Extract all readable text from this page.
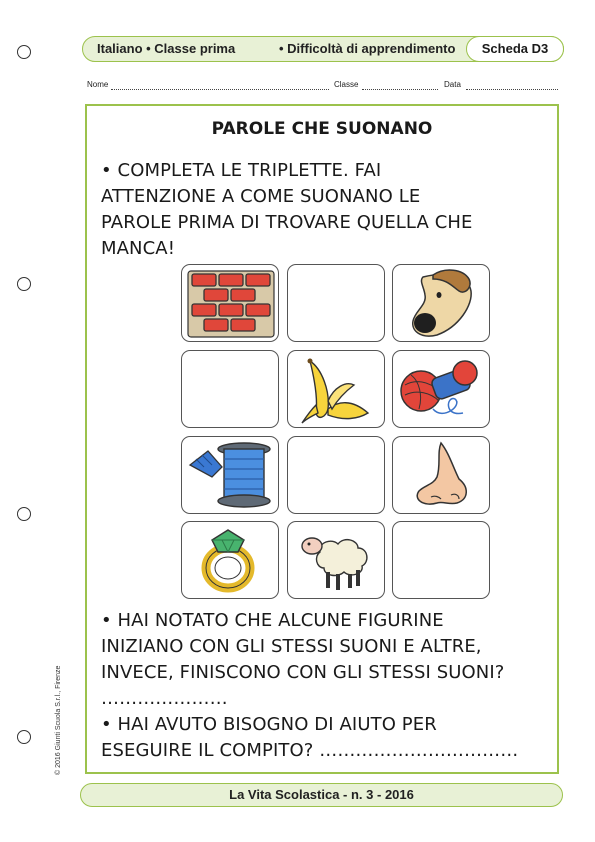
Italiano • Classe prima	• Difficoltà di apprendimento	Scheda D3
Nome	Classe	Data
PAROLE CHE SUONANO
• COMPLETA LE TRIPLETTE. FAI
ATTENZIONE A COME SUONANO LE
PAROLE PRIMA DI TROVARE QUELLA CHE
MANCA!
• HAI NOTATO CHE ALCUNE FIGURINE
INIZIANO CON GLI STESSI SUONI E ALTRE,
INVECE, FINISCONO CON GLI STESSI SUONI?
…………………
• HAI AVUTO BISOGNO DI AIUTO PER
ESEGUIRE IL COMPITO? ……………………………
© 2016 Giunti Scuola S.r.l., Firenze
La Vita Scolastica - n. 3 - 2016
